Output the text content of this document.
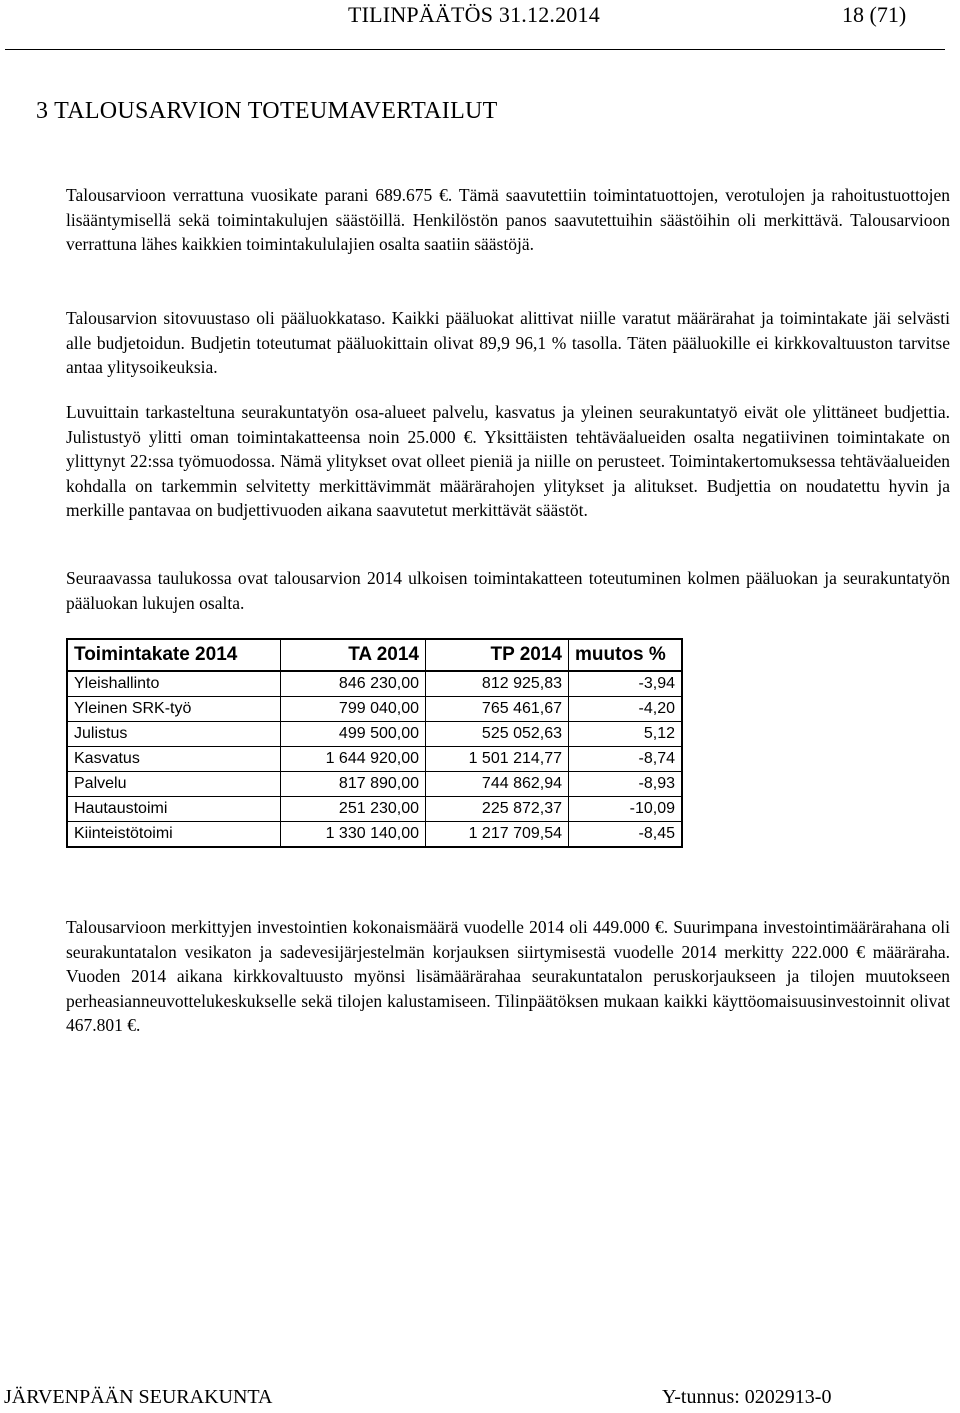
TILINPÄÄTÖS 31.12.2014	18 (71)
3 TALOUSARVION TOTEUMAVERTAILUT

Talousarvioon verrattuna vuosikate parani 689.675 €. Tämä saavutettiin toimintatuottojen, verotulojen ja rahoitustuottojen lisääntymisellä sekä toimintakulujen säästöillä. Henkilöstön panos saavutettuihin säästöihin oli merkittävä. Talousarvioon verrattuna lähes kaikkien toimintakululajien osalta saatiin säästöjä.

Talousarvion sitovuustaso oli pääluokkataso. Kaikki pääluokat alittivat niille varatut määrärahat ja toimintakate jäi selvästi alle budjetoidun. Budjetin toteutumat pääluokittain olivat 89,9 96,1 % tasolla. Täten pääluokille ei kirkkovaltuuston tarvitse antaa ylitysoikeuksia.

Luvuittain tarkasteltuna seurakuntatyön osa-alueet palvelu, kasvatus ja yleinen seurakuntatyö eivät ole ylittäneet budjettia. Julistustyö ylitti oman toimintakatteensa noin 25.000 €. Yksittäisten tehtäväalueiden osalta negatiivinen toimintakate on ylittynyt 22:ssa työmuodossa. Nämä ylitykset ovat olleet pieniä ja niille on perusteet. Toimintakertomuksessa tehtäväalueiden kohdalla on tarkemmin selvitetty merkittävimmät määrärahojen ylitykset ja alitukset. Budjettia on noudatettu hyvin ja merkille pantavaa on budjettivuoden aikana saavutetut merkittävät säästöt.

Seuraavassa taulukossa ovat talousarvion 2014 ulkoisen toimintakatteen toteutuminen kolmen pääluokan ja seurakuntatyön pääluokan lukujen osalta.

Toimintakate 2014	TA 2014	TP 2014	muutos %
Yleishallinto	846 230,00	812 925,83	-3,94
Yleinen SRK-työ	799 040,00	765 461,67	-4,20
Julistus	499 500,00	525 052,63	5,12
Kasvatus	1 644 920,00	1 501 214,77	-8,74
Palvelu	817 890,00	744 862,94	-8,93
Hautaustoimi	251 230,00	225 872,37	-10,09
Kiinteistötoimi	1 330 140,00	1 217 709,54	-8,45

Talousarvioon merkittyjen investointien kokonaismäärä vuodelle 2014 oli 449.000 €. Suurimpana investointimäärärahana oli seurakuntatalon vesikaton ja sadevesijärjestelmän korjauksen siirtymisestä vuodelle 2014 merkitty 222.000 € määräraha. Vuoden 2014 aikana kirkkovaltuusto myönsi lisämäärärahaa seurakuntatalon peruskorjaukseen ja tilojen muutokseen perheasianneuvottelukeskukselle sekä tilojen kalustamiseen. Tilinpäätöksen mukaan kaikki käyttöomaisuusinvestoinnit olivat 467.801 €.

JÄRVENPÄÄN SEURAKUNTA	Y-tunnus: 0202913-0
